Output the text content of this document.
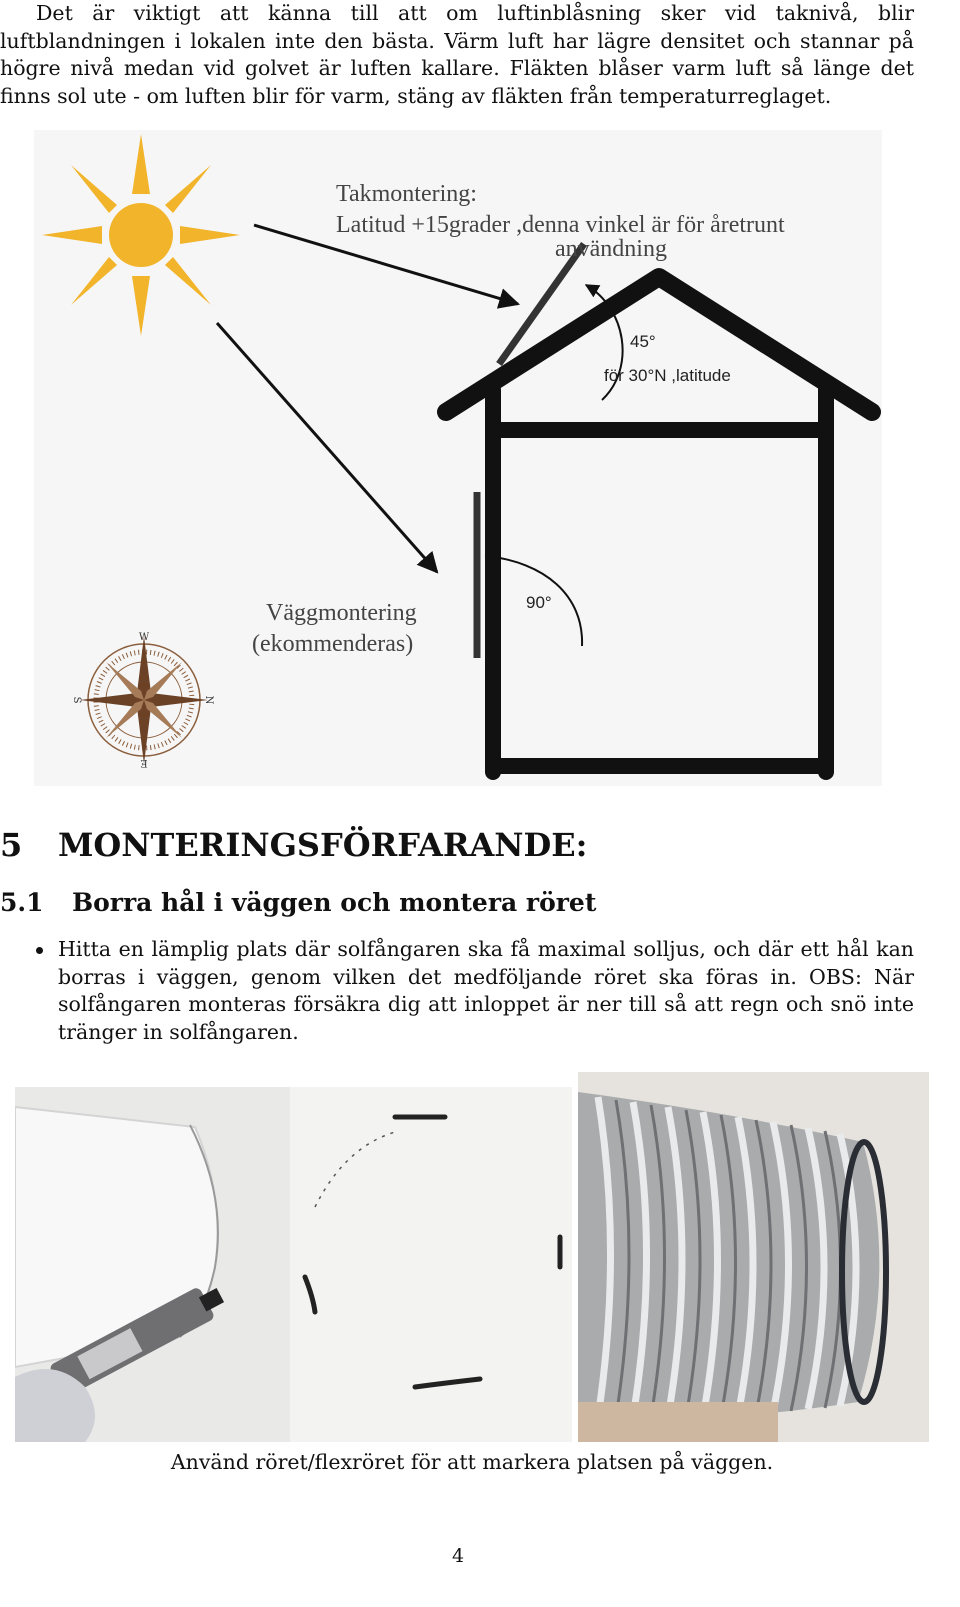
Det är viktigt att känna till att om luftinblåsning sker vid taknivå, blir luftblandningen i lokalen inte den bästa. Värm luft har lägre densitet och stannar på högre nivå medan vid golvet är luften kallare. Fläkten blåser varm luft så länge det finns sol ute - om luften blir för varm, stäng av fläkten från temperaturreglaget.

Takmontering:
Latitud +15grader ,denna vinkel är för åretrunt
användning
Väggmontering
(ekommenderas)
45°
för 30°N ,latitude
90°
W
E
S	N
5 MONTERINGSFÖRFARANDE:
5.1 Borra hål i väggen och montera röret
Hitta en lämplig plats där solfångaren ska få maximal solljus, och där ett hål kan borras i väggen, genom vilken det medföljande röret ska föras in. OBS: När solfångaren monteras försäkra dig att inloppet är ner till så att regn och snö inte tränger in solfångaren.
Använd röret/flexröret för att markera platsen på väggen.
4
